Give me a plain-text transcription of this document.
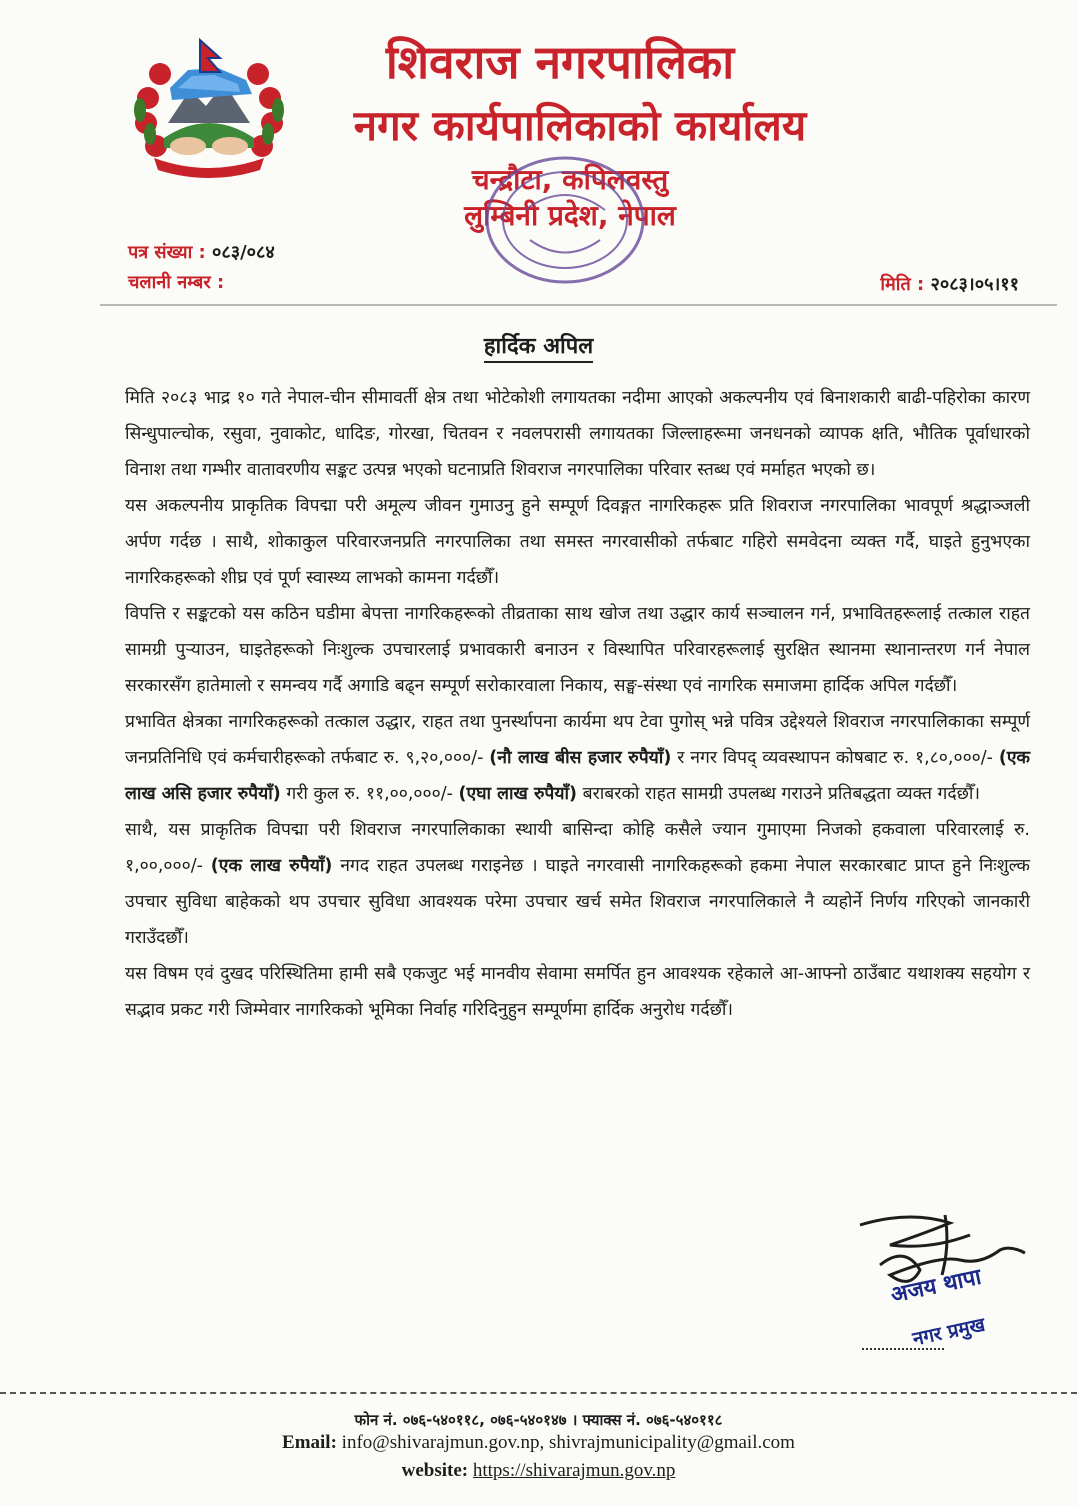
शिवराज नगरपालिका
नगर कार्यपालिकाको कार्यालय
चन्द्रौटा, कपिलवस्तु
लुम्बिनी प्रदेश, नेपाल
पत्र संख्या : ०८३/०८४
चलानी नम्बर :	मिति : २०८३।०५।११
हार्दिक अपिल

मिति २०८३ भाद्र १० गते नेपाल-चीन सीमावर्ती क्षेत्र तथा भोटेकोशी लगायतका नदीमा आएको अकल्पनीय एवं बिनाशकारी बाढी-पहिरोका कारण सिन्धुपाल्चोक, रसुवा, नुवाकोट, धादिङ, गोरखा, चितवन र नवलपरासी लगायतका जिल्लाहरूमा जनधनको व्यापक क्षति, भौतिक पूर्वाधारको विनाश तथा गम्भीर वातावरणीय सङ्कट उत्पन्न भएको घटनाप्रति शिवराज नगरपालिका परिवार स्तब्ध एवं मर्माहत भएको छ।

यस अकल्पनीय प्राकृतिक विपद्मा परी अमूल्य जीवन गुमाउनु हुने सम्पूर्ण दिवङ्गत नागरिकहरू प्रति शिवराज नगरपालिका भावपूर्ण श्रद्धाञ्जली अर्पण गर्दछ । साथै, शोकाकुल परिवारजनप्रति नगरपालिका तथा समस्त नगरवासीको तर्फबाट गहिरो समवेदना व्यक्त गर्दै, घाइते हुनुभएका नागरिकहरूको शीघ्र एवं पूर्ण स्वास्थ्य लाभको कामना गर्दछौँ।

विपत्ति र सङ्कटको यस कठिन घडीमा बेपत्ता नागरिकहरूको तीव्रताका साथ खोज तथा उद्धार कार्य सञ्चालन गर्न, प्रभावितहरूलाई तत्काल राहत सामग्री पुऱ्याउन, घाइतेहरूको निःशुल्क उपचारलाई प्रभावकारी बनाउन र विस्थापित परिवारहरूलाई सुरक्षित स्थानमा स्थानान्तरण गर्न नेपाल सरकारसँग हातेमालो र समन्वय गर्दै अगाडि बढ्न सम्पूर्ण सरोकारवाला निकाय, सङ्घ-संस्था एवं नागरिक समाजमा हार्दिक अपिल गर्दछौँ।

प्रभावित क्षेत्रका नागरिकहरूको तत्काल उद्धार, राहत तथा पुनर्स्थापना कार्यमा थप टेवा पुगोस् भन्ने पवित्र उद्देश्यले शिवराज नगरपालिकाका सम्पूर्ण जनप्रतिनिधि एवं कर्मचारीहरूको तर्फबाट रु. ९,२०,०००/- (नौ लाख बीस हजार रुपैयाँ) र नगर विपद् व्यवस्थापन कोषबाट रु. १,८०,०००/- (एक लाख असि हजार रुपैयाँ) गरी कुल रु. ११,००,०००/- (एघा लाख रुपैयाँ) बराबरको राहत सामग्री उपलब्ध गराउने प्रतिबद्धता व्यक्त गर्दछौँ।

साथै, यस प्राकृतिक विपद्मा परी शिवराज नगरपालिकाका स्थायी बासिन्दा कोहि कसैले ज्यान गुमाएमा निजको हकवाला परिवारलाई रु. १,००,०००/- (एक लाख रुपैयाँ) नगद राहत उपलब्ध गराइनेछ । घाइते नगरवासी नागरिकहरूको हकमा नेपाल सरकारबाट प्राप्त हुने निःशुल्क उपचार सुविधा बाहेकको थप उपचार सुविधा आवश्यक परेमा उपचार खर्च समेत शिवराज नगरपालिकाले नै व्यहोर्ने निर्णय गरिएको जानकारी गराउँदछौँ।

यस विषम एवं दुखद परिस्थितिमा हामी सबै एकजुट भई मानवीय सेवामा समर्पित हुन आवश्यक रहेकाले आ-आफ्नो ठाउँबाट यथाशक्य सहयोग र सद्भाव प्रकट गरी जिम्मेवार नागरिकको भूमिका निर्वाह गरिदिनुहुन सम्पूर्णमा हार्दिक अनुरोध गर्दछौँ।

अजय थापा
नगर प्रमुख
फोन नं. ०७६-५४०११८, ०७६-५४०१४७ । फ्याक्स नं. ०७६-५४०११८
Email: info@shivarajmun.gov.np, shivrajmunicipality@gmail.com
website: https://shivarajmun.gov.np
